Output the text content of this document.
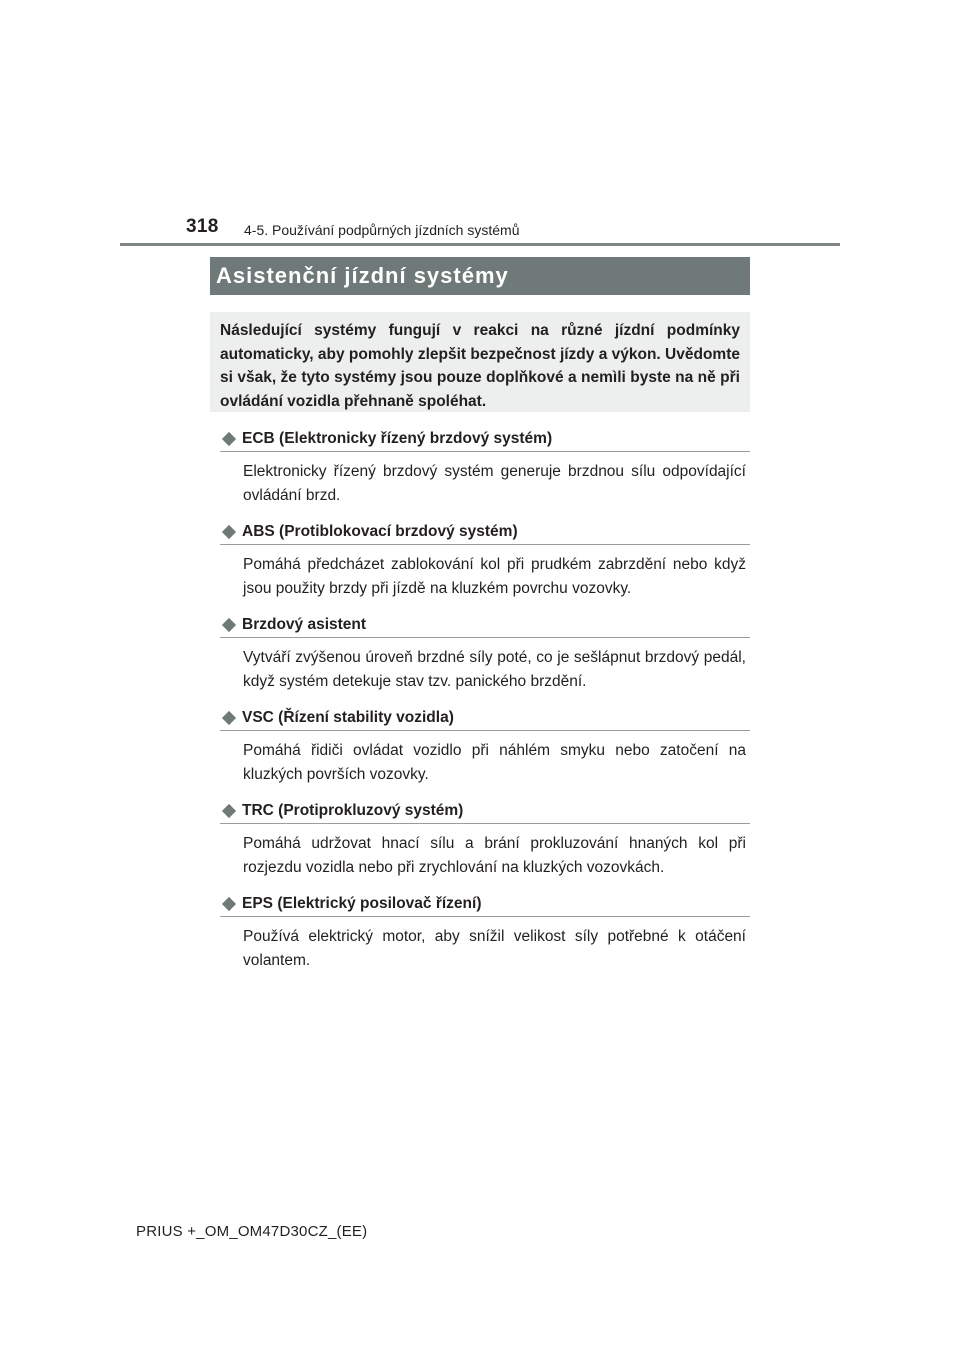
318 4-5. Používání podpůrných jízdních systémů
Asistenční jízdní systémy

Následující systémy fungují v reakci na různé jízdní podmínky automaticky, aby pomohly zlepšit bezpečnost jízdy a výkon. Uvědomte si však, že tyto systémy jsou pouze doplňkové a nemìli byste na ně při ovládání vozidla přehnaně spoléhat.

ECB (Elektronicky řízený brzdový systém)

Elektronicky řízený brzdový systém generuje brzdnou sílu odpovídající ovládání brzd.

ABS (Protiblokovací brzdový systém)

Pomáhá předcházet zablokování kol při prudkém zabrzdění nebo když jsou použity brzdy při jízdě na kluzkém povrchu vozovky.

Brzdový asistent

Vytváří zvýšenou úroveň brzdné síly poté, co je sešlápnut brzdový pedál, když systém detekuje stav tzv. panického brzdění.

VSC (Řízení stability vozidla)

Pomáhá řidiči ovládat vozidlo při náhlém smyku nebo zatočení na kluzkých površích vozovky.

TRC (Protiprokluzový systém)

Pomáhá udržovat hnací sílu a brání prokluzování hnaných kol při rozjezdu vozidla nebo při zrychlování na kluzkých vozovkách.

EPS (Elektrický posilovač řízení)

Používá elektrický motor, aby snížil velikost síly potřebné k otáčení volantem.

PRIUS +_OM_OM47D30CZ_(EE)
